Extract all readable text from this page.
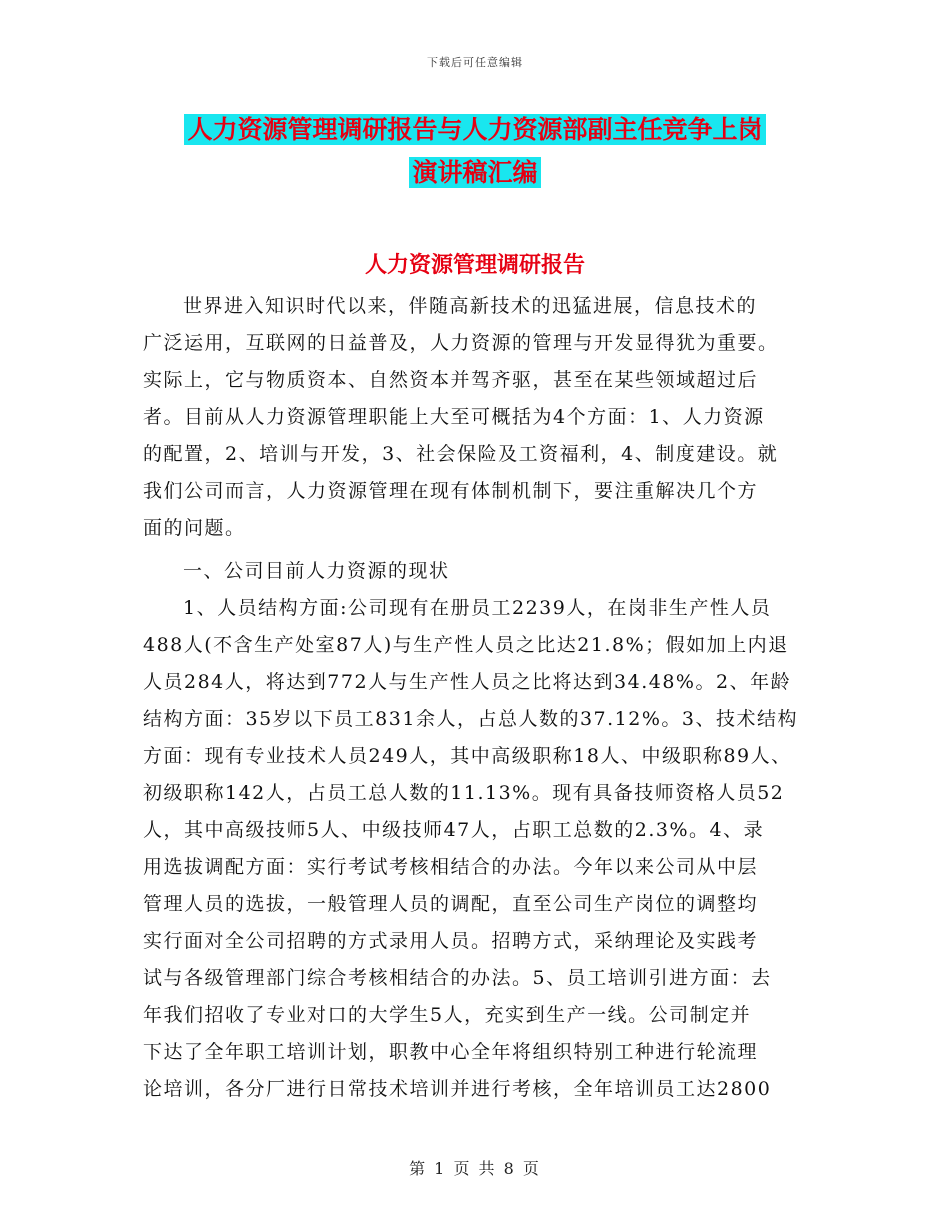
下载后可任意编辑
人力资源管理调研报告与人力资源部副主任竞争上岗
演讲稿汇编
人力资源管理调研报告
世界进入知识时代以来，伴随高新技术的迅猛进展，信息技术的
广泛运用，互联网的日益普及，人力资源的管理与开发显得犹为重要。
实际上，它与物质资本、自然资本并驾齐驱，甚至在某些领域超过后
者。目前从人力资源管理职能上大至可概括为4个方面：1、人力资源
的配置，2、培训与开发，3、社会保险及工资福利，4、制度建设。就
我们公司而言，人力资源管理在现有体制机制下，要注重解决几个方
面的问题。
一、公司目前人力资源的现状
1、人员结构方面:公司现有在册员工2239人，在岗非生产性人员
488人(不含生产处室87人)与生产性人员之比达21.8%；假如加上内退
人员284人，将达到772人与生产性人员之比将达到34.48%。2、年龄
结构方面：35岁以下员工831余人，占总人数的37.12%。3、技术结构
方面：现有专业技术人员249人，其中高级职称18人、中级职称89人、
初级职称142人，占员工总人数的11.13%。现有具备技师资格人员52
人，其中高级技师5人、中级技师47人，占职工总数的2.3%。4、录
用选拔调配方面：实行考试考核相结合的办法。今年以来公司从中层
管理人员的选拔，一般管理人员的调配，直至公司生产岗位的调整均
实行面对全公司招聘的方式录用人员。招聘方式，采纳理论及实践考
试与各级管理部门综合考核相结合的办法。5、员工培训引进方面：去
年我们招收了专业对口的大学生5人，充实到生产一线。公司制定并
下达了全年职工培训计划，职教中心全年将组织特别工种进行轮流理
论培训，各分厂进行日常技术培训并进行考核，全年培训员工达2800
第 1 页 共 8 页
